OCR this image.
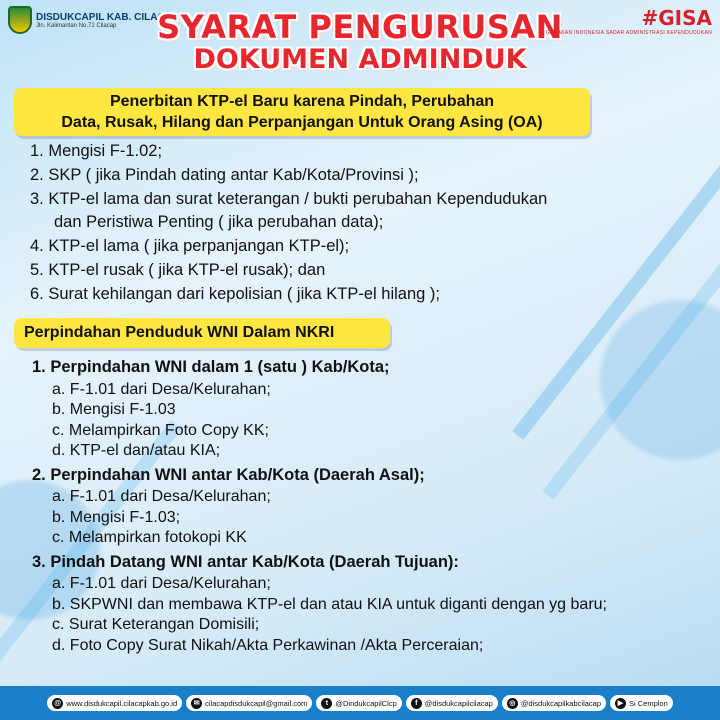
DISDUKCAPIL KAB. CILACAP
Jln. Kalimantan No.72 Cilacap	SYARAT PENGURUSAN
DOKUMEN ADMINDUK
#GISA
GERAKAN INDONESIA SADAR ADMINISTRASI KEPENDUDUKAN
Penerbitan KTP-el Baru karena Pindah, Perubahan
Data, Rusak, Hilang dan Perpanjangan Untuk Orang Asing (OA)
1. Mengisi F-1.02;
2. SKP ( jika Pindah dating antar Kab/Kota/Provinsi );
3. KTP-el lama dan surat keterangan / bukti perubahan Kependudukan
dan Peristiwa Penting ( jika perubahan data);
4. KTP-el lama ( jika perpanjangan KTP-el);
5. KTP-el rusak ( jika KTP-el rusak); dan
6. Surat kehilangan dari kepolisian ( jika KTP-el hilang );
Perpindahan Penduduk WNI Dalam NKRI
1. Perpindahan WNI dalam 1 (satu ) Kab/Kota;
a. F-1.01 dari Desa/Kelurahan;
b. Mengisi F-1.03
c. Melampirkan Foto Copy KK;
d. KTP-el dan/atau KIA;
2. Perpindahan WNI antar Kab/Kota (Daerah Asal);
a. F-1.01 dari Desa/Kelurahan;
b. Mengisi F-1.03;
c. Melampirkan fotokopi KK
3. Pindah Datang WNI antar Kab/Kota (Daerah Tujuan):
a. F-1.01 dari Desa/Kelurahan;
b. SKPWNI dan membawa KTP-el dan atau KIA untuk diganti dengan yg baru;
c. Surat Keterangan Domisili;
d. Foto Copy Surat Nikah/Akta Perkawinan /Akta Perceraian;
@ www.disdukcapil.cilacapkab.go.id	✉ cilacapdisdukcapil@gmail.com	t @DindukcapilClcp	f @disdukcapilcilacap	◎ @disdukcapilkabcilacap	▶ Si Cemplon
